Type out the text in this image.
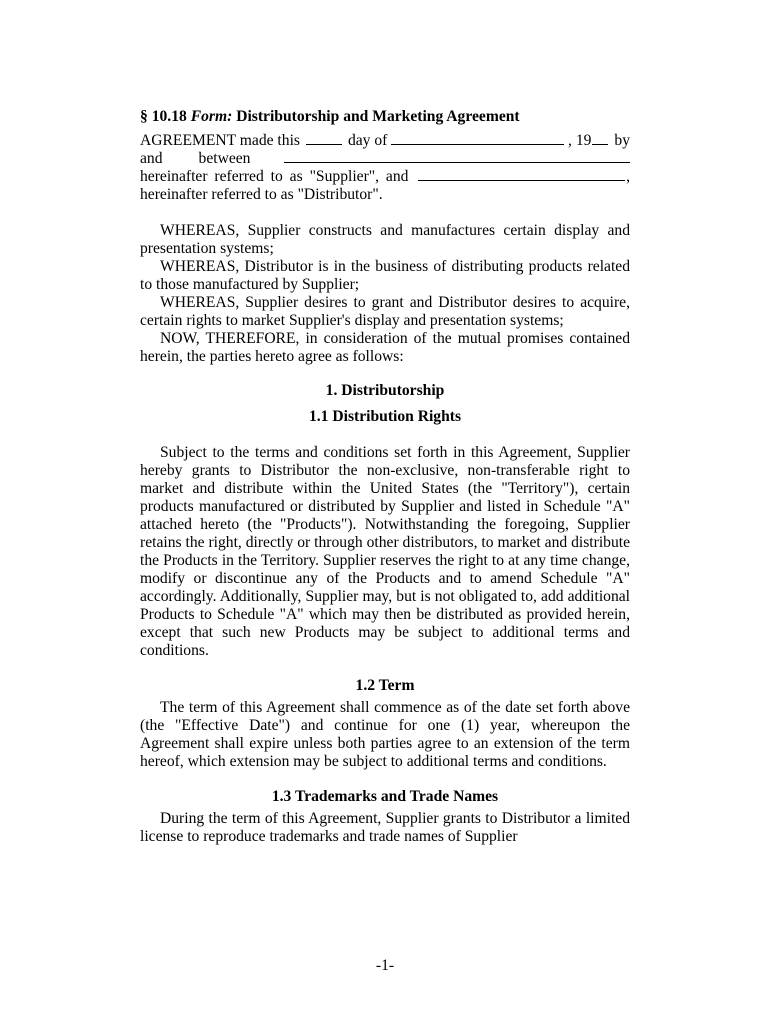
§ 10.18 Form: Distributorship and Marketing Agreement
AGREEMENT made this	day of	, 19 by
and between
hereinafter referred to as "Supplier", and	,

hereinafter referred to as "Distributor".

WHEREAS, Supplier constructs and manufactures certain display and presentation systems;

WHEREAS, Distributor is in the business of distributing products related to those manufactured by Supplier;

WHEREAS, Supplier desires to grant and Distributor desires to acquire, certain rights to market Supplier's display and presentation systems;

NOW, THEREFORE, in consideration of the mutual promises contained herein, the parties hereto agree as follows:

1. Distributorship

1.1 Distribution Rights

Subject to the terms and conditions set forth in this Agreement, Supplier hereby grants to Distributor the non-exclusive, non-transferable right to market and distribute within the United States (the "Territory"), certain products manufactured or distributed by Supplier and listed in Schedule "A" attached hereto (the "Products"). Notwithstanding the foregoing, Supplier retains the right, directly or through other distributors, to market and distribute the Products in the Territory. Supplier reserves the right to at any time change, modify or discontinue any of the Products and to amend Schedule "A" accordingly. Additionally, Supplier may, but is not obligated to, add additional Products to Schedule "A" which may then be distributed as provided herein, except that such new Products may be subject to additional terms and conditions.

1.2 Term

The term of this Agreement shall commence as of the date set forth above (the "Effective Date") and continue for one (1) year, whereupon the Agreement shall expire unless both parties agree to an extension of the term hereof, which extension may be subject to additional terms and conditions.

1.3 Trademarks and Trade Names

During the term of this Agreement, Supplier grants to Distributor a limited license to reproduce trademarks and trade names of Supplier

-1-
